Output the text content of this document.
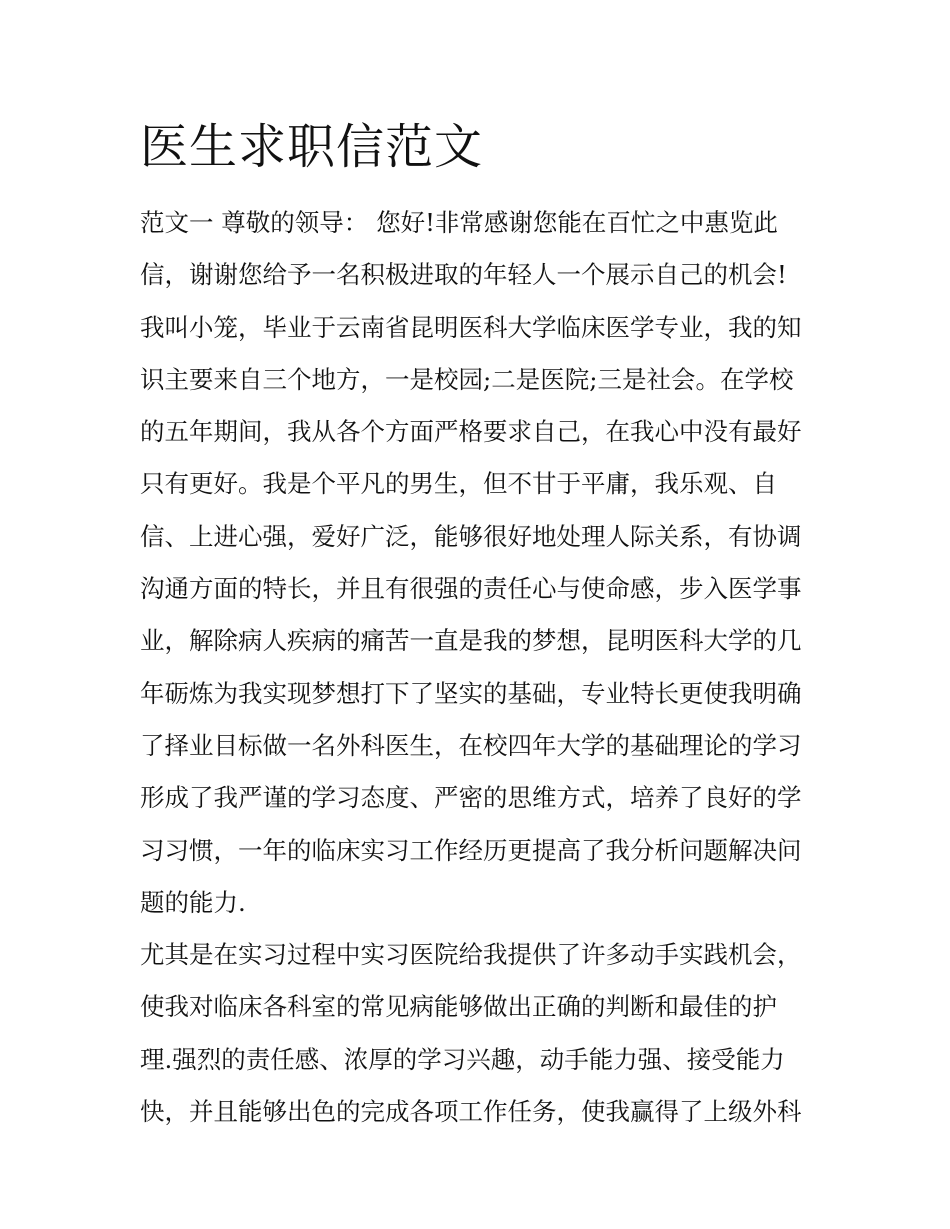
医生求职信范文
范文一 尊敬的领导： 您好!非常感谢您能在百忙之中惠览此
信，谢谢您给予一名积极进取的年轻人一个展示自己的机会!
我叫小笼，毕业于云南省昆明医科大学临床医学专业，我的知
识主要来自三个地方，一是校园;二是医院;三是社会。在学校
的五年期间，我从各个方面严格要求自己，在我心中没有最好
只有更好。我是个平凡的男生，但不甘于平庸，我乐观、自
信、上进心强，爱好广泛，能够很好地处理人际关系，有协调
沟通方面的特长，并且有很强的责任心与使命感，步入医学事
业，解除病人疾病的痛苦一直是我的梦想，昆明医科大学的几
年砺炼为我实现梦想打下了坚实的基础，专业特长更使我明确
了择业目标做一名外科医生，在校四年大学的基础理论的学习
形成了我严谨的学习态度、严密的思维方式，培养了良好的学
习习惯，一年的临床实习工作经历更提高了我分析问题解决问
题的能力.
尤其是在实习过程中实习医院给我提供了许多动手实践机会，
使我对临床各科室的常见病能够做出正确的判断和最佳的护
理.强烈的责任感、浓厚的学习兴趣，动手能力强、接受能力
快，并且能够出色的完成各项工作任务，使我赢得了上级外科
